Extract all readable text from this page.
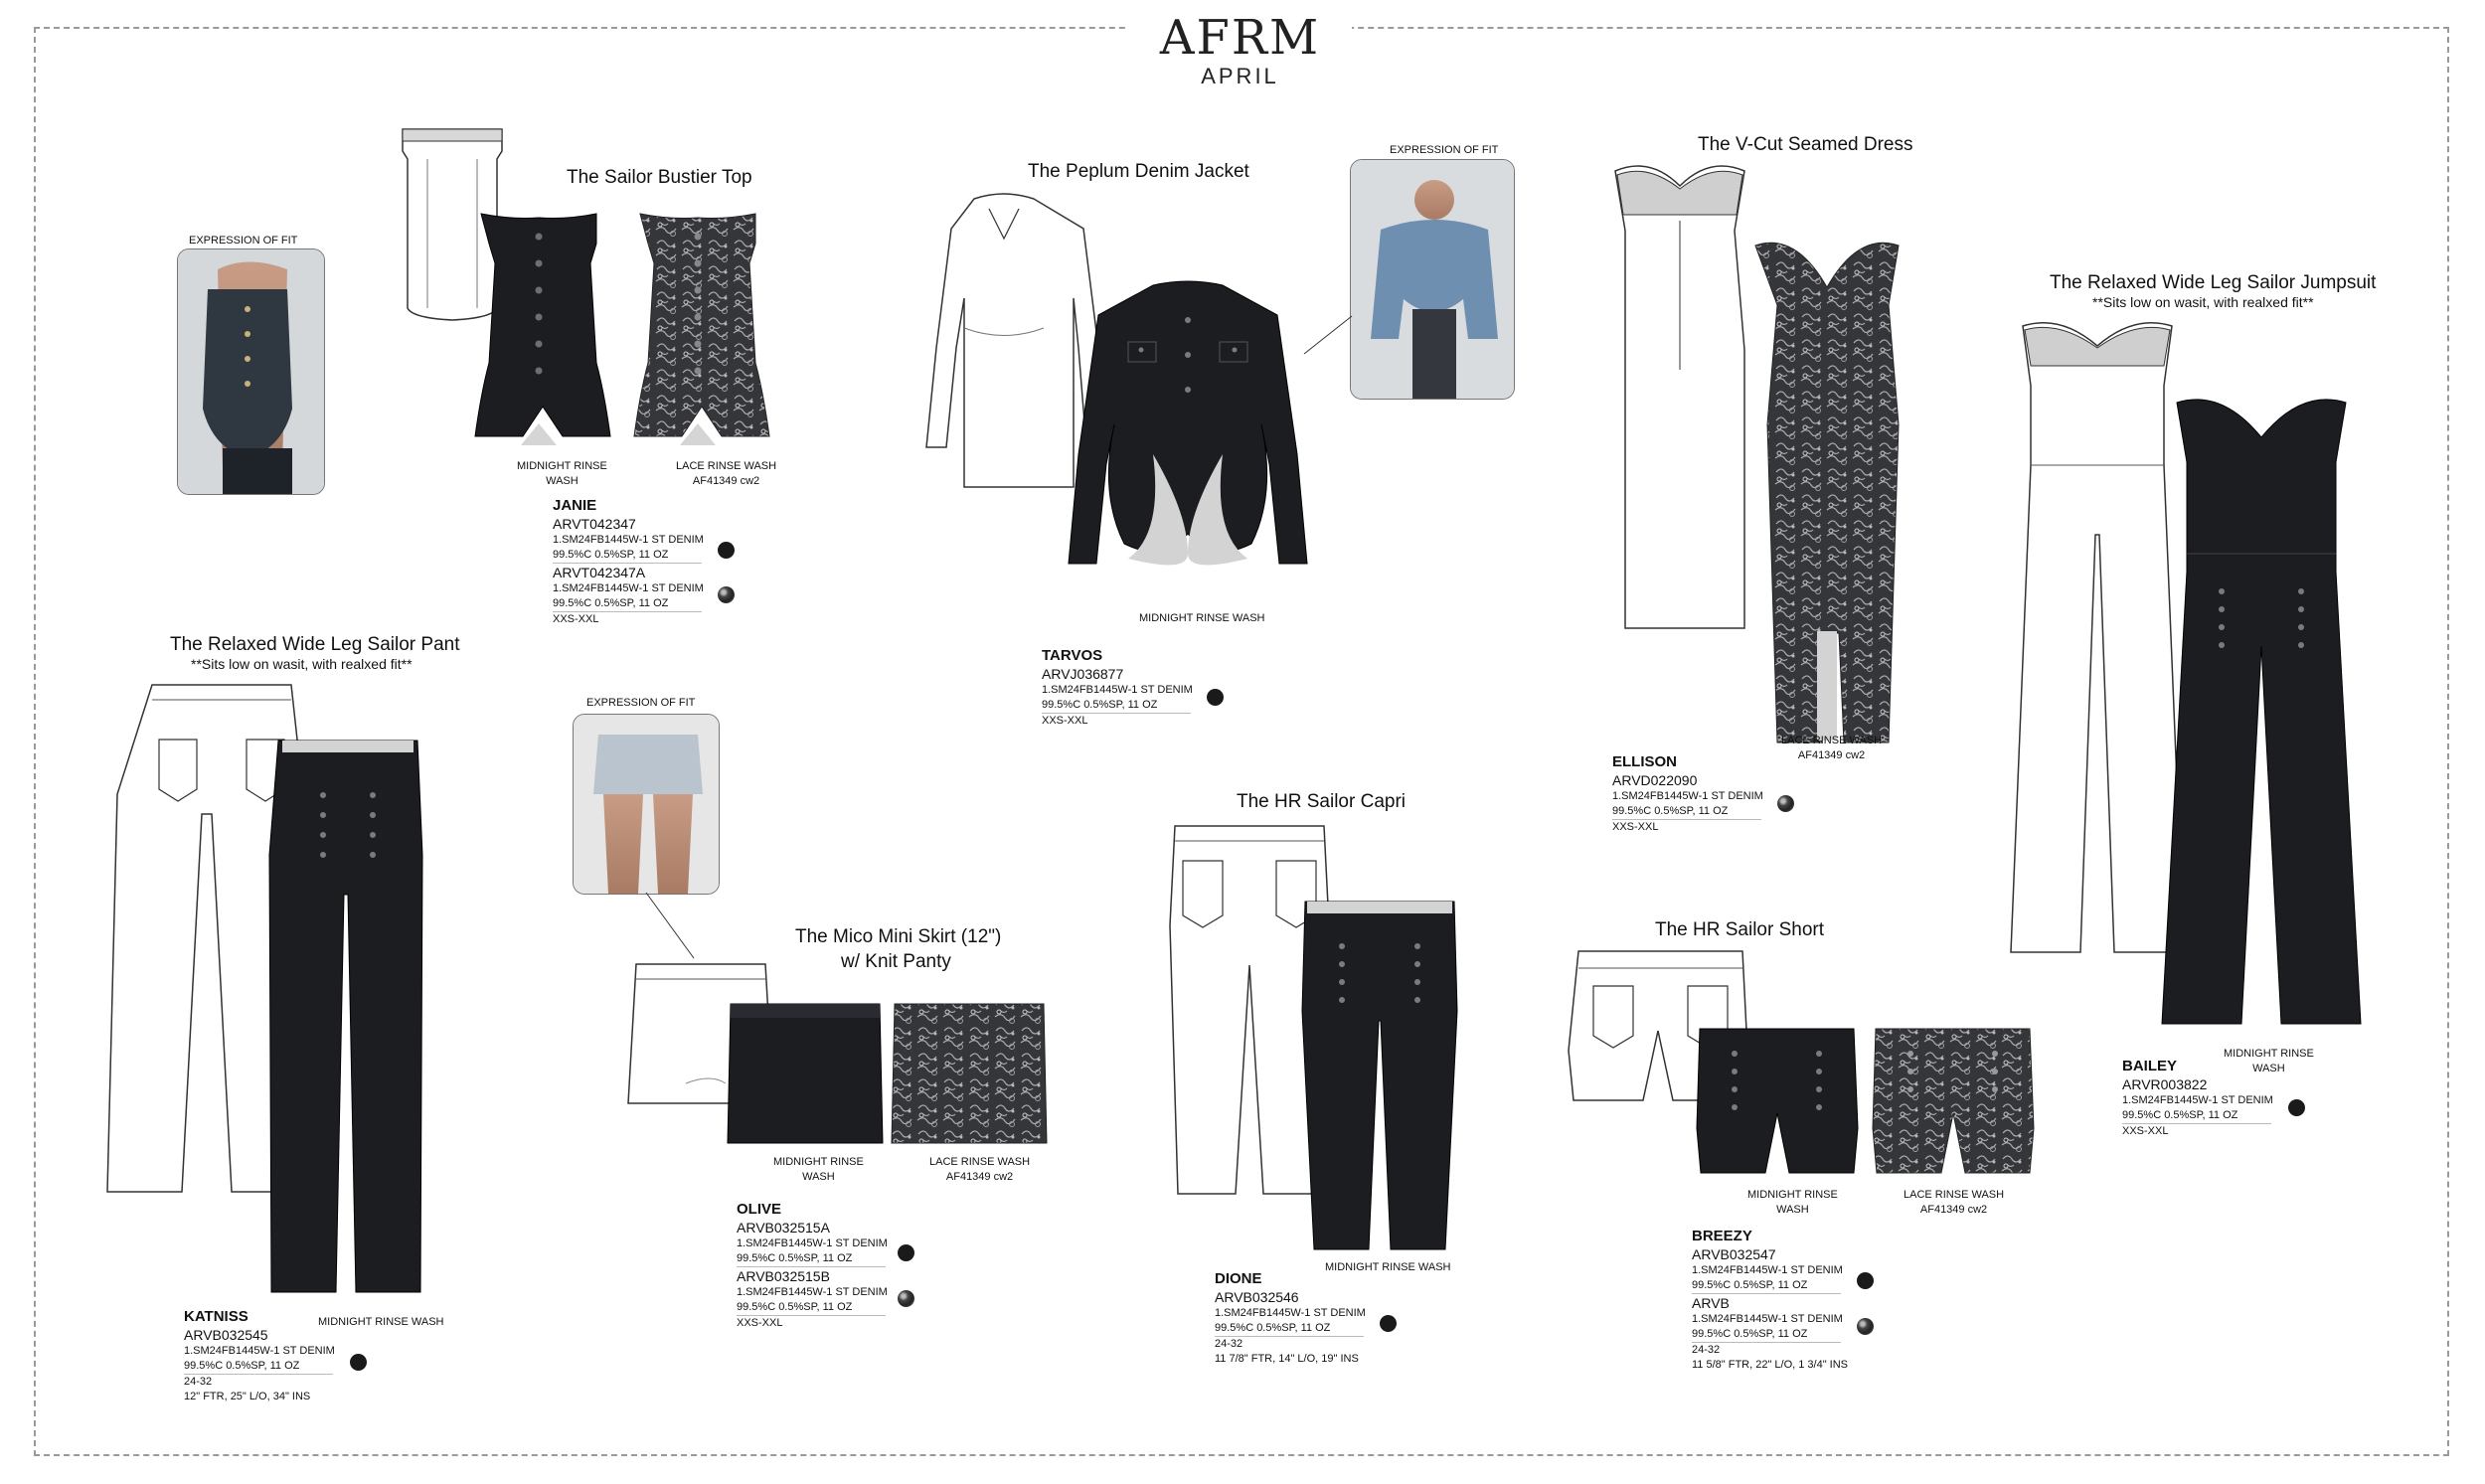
AFRM
APRIL
The Sailor Bustier Top
EXPRESSION OF FIT
MIDNIGHT RINSE
WASH
LACE RINSE WASH
AF41349 cw2
JANIE
ARVT042347
1.SM24FB1445W-1 ST DENIM
99.5%C 0.5%SP, 11 OZ
ARVT042347A
1.SM24FB1445W-1 ST DENIM
99.5%C 0.5%SP, 11 OZ
XXS-XXL
The Peplum Denim Jacket
EXPRESSION OF FIT
MIDNIGHT RINSE WASH
TARVOS
ARVJ036877
1.SM24FB1445W-1 ST DENIM
99.5%C 0.5%SP, 11 OZ
XXS-XXL
The V-Cut Seamed Dress
LACE RINSE WASH
AF41349 cw2
ELLISON
ARVD022090
1.SM24FB1445W-1 ST DENIM
99.5%C 0.5%SP, 11 OZ
XXS-XXL
The Relaxed Wide Leg Sailor Jumpsuit
**Sits low on wasit, with realxed fit**
MIDNIGHT RINSE
WASH
BAILEY
ARVR003822
1.SM24FB1445W-1 ST DENIM
99.5%C 0.5%SP, 11 OZ
XXS-XXL
The Relaxed Wide Leg Sailor Pant
**Sits low on wasit, with realxed fit**
MIDNIGHT RINSE WASH
KATNISS
ARVB032545
1.SM24FB1445W-1 ST DENIM
99.5%C 0.5%SP, 11 OZ
24-32
12" FTR, 25" L/O, 34" INS
EXPRESSION OF FIT
The Mico Mini Skirt (12")
w/ Knit Panty
MIDNIGHT RINSE
WASH
LACE RINSE WASH
AF41349 cw2
OLIVE
ARVB032515A
1.SM24FB1445W-1 ST DENIM
99.5%C 0.5%SP, 11 OZ
ARVB032515B
1.SM24FB1445W-1 ST DENIM
99.5%C 0.5%SP, 11 OZ
XXS-XXL
The HR Sailor Capri
MIDNIGHT RINSE WASH
DIONE
ARVB032546
1.SM24FB1445W-1 ST DENIM
99.5%C 0.5%SP, 11 OZ
24-32
11 7/8" FTR, 14" L/O, 19" INS
The HR Sailor Short
MIDNIGHT RINSE
WASH
LACE RINSE WASH
AF41349 cw2
BREEZY
ARVB032547
1.SM24FB1445W-1 ST DENIM
99.5%C 0.5%SP, 11 OZ
ARVB
1.SM24FB1445W-1 ST DENIM
99.5%C 0.5%SP, 11 OZ
24-32
11 5/8" FTR, 22" L/O, 1 3/4" INS
